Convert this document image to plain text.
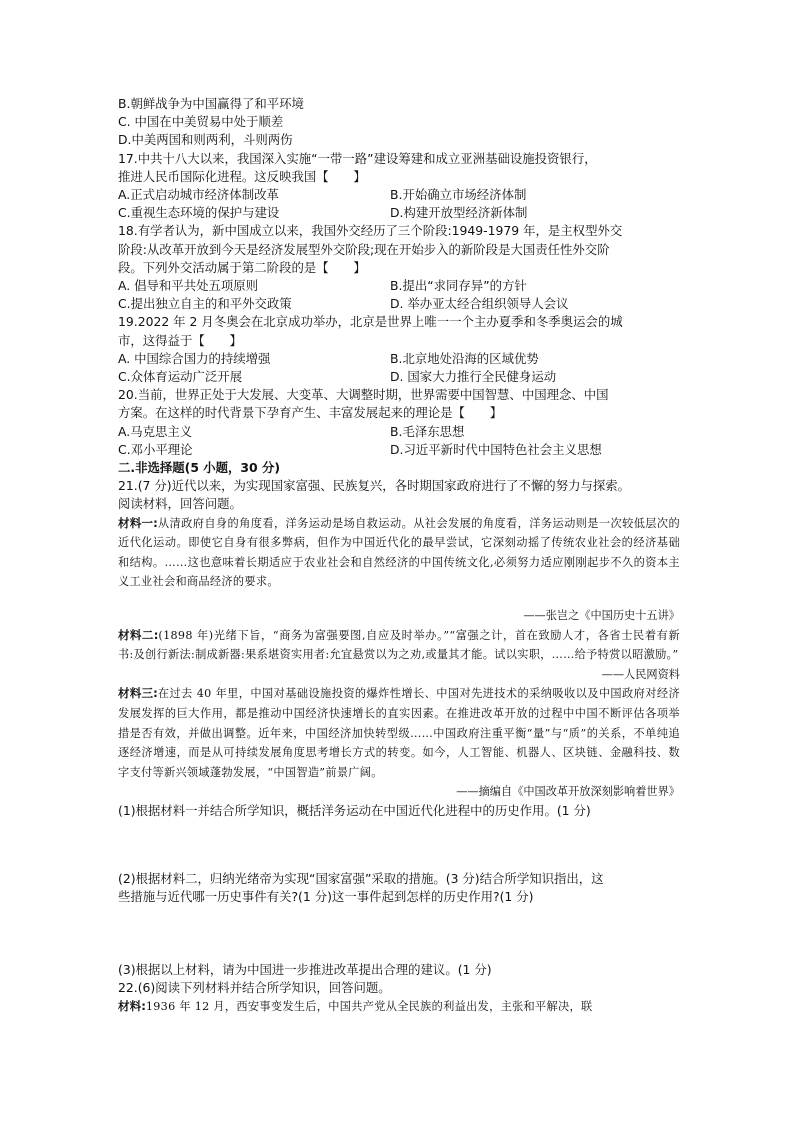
B.朝鲜战争为中国赢得了和平环境
C. 中国在中美贸易中处于顺差
D.中美两国和则两利，斗则两伤
17.中共十八大以来，我国深入实施“一带一路”建设筹建和成立亚洲基础设施投资银行，
推进人民币国际化进程。这反映我国【　　】
A.正式启动城市经济体制改革	B.开始确立市场经济体制
C.重视生态环境的保护与建设	D.构建开放型经济新体制
18.有学者认为，新中国成立以来，我国外交经历了三个阶段:1949-1979 年，是主权型外交
阶段:从改革开放到今天是经济发展型外交阶段;现在开始步入的新阶段是大国责任性外交阶
段。下列外交活动属于第二阶段的是【　　】
A. 倡导和平共处五项原则	B.提出“求同存异”的方针
C.提出独立自主的和平外交政策	D. 举办亚太经合组织领导人会议
19.2022 年 2 月冬奥会在北京成功举办，北京是世界上唯一一个主办夏季和冬季奥运会的城
市，这得益于【　　】
A. 中国综合国力的持续增强	B.北京地处沿海的区域优势
C.众体育运动广泛开展	D. 国家大力推行全民健身运动
20.当前，世界正处于大发展、大变革、大调整时期，世界需要中国智慧、中国理念、中国
方案。在这样的时代背景下孕育产生、丰富发展起来的理论是【　　】
A.马克思主义	B.毛泽东思想
C.邓小平理论	D.习近平新时代中国特色社会主义思想
二.非选择题(5 小题，30 分)
21.(7 分)近代以来，为实现国家富强、民族复兴，各时期国家政府进行了不懈的努力与探索。
阅读材料，回答问题。
材料一:从清政府自身的角度看，洋务运动是场自救运动。从社会发展的角度看，洋务运动则是一次较低层次的近代化运动。即使它自身有很多弊病，但作为中国近代化的最早尝试，它深刻动摇了传统农业社会的经济基础和结构。……这也意味着长期适应于农业社会和自然经济的中国传统文化,必须努力适应刚刚起步不久的资本主义工业社会和商品经济的要求。
——张岂之《中国历史十五讲》
材料二:(1898 年)光绪下旨，“商务为富强要图,自应及时举办。”“富强之计，首在致励人才，各省士民着有新书:及创行新法:制成新器:果系堪资实用者:允宜悬赏以为之劝,或量其才能。试以实职，……给予特赏以昭激励。”
——人民网资料
材料三:在过去 40 年里，中国对基础设施投资的爆炸性增长、中国对先进技术的采纳吸收以及中国政府对经济发展发挥的巨大作用，都是推动中国经济快速增长的直实因素。在推进改革开放的过程中中国不断评估各项举措是否有效，并做出调整。近年来，中国经济加快转型级……中国政府注重平衡“量”与“质”的关系，不单纯追逐经济增速，而是从可持续发展角度思考增长方式的转变。如今，人工智能、机器人、区块链、金融科技、数字支付等新兴领域蓬勃发展，“中国智造”前景广阔。
——摘编自《中国改革开放深刻影响着世界》
(1)根据材料一并结合所学知识，概括洋务运动在中国近代化进程中的历史作用。(1 分)
(2)根据材料二，归纳光绪帝为实现“国家富强”采取的措施。(3 分)结合所学知识指出，这
些措施与近代哪一历史事件有关?(1 分)这一事件起到怎样的历史作用?(1 分)
(3)根据以上材料，请为中国进一步推进改革提出合理的建议。(1 分)
22.(6)阅读下列材料并结合所学知识，回答问题。
材料:1936 年 12 月，西安事变发生后，中国共产党从全民族的利益出发，主张和平解决，联
